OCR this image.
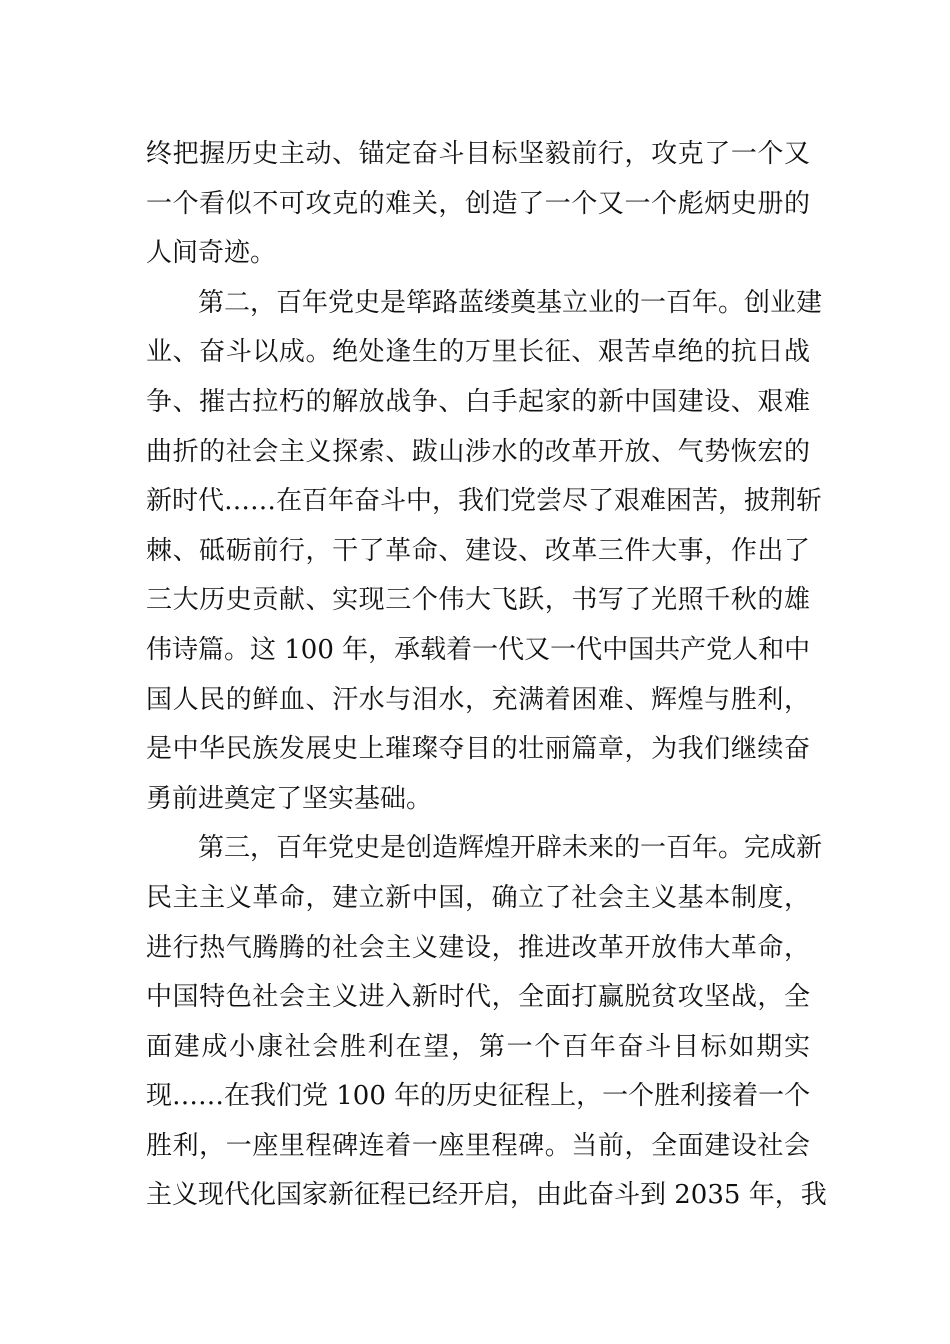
终把握历史主动、锚定奋斗目标坚毅前行，攻克了一个又
一个看似不可攻克的难关，创造了一个又一个彪炳史册的
人间奇迹。
第二，百年党史是筚路蓝缕奠基立业的一百年。创业建
业、奋斗以成。绝处逢生的万里长征、艰苦卓绝的抗日战
争、摧古拉朽的解放战争、白手起家的新中国建设、艰难
曲折的社会主义探索、跋山涉水的改革开放、气势恢宏的
新时代……在百年奋斗中，我们党尝尽了艰难困苦，披荆斩
棘、砥砺前行，干了革命、建设、改革三件大事，作出了
三大历史贡献、实现三个伟大飞跃，书写了光照千秋的雄
伟诗篇。这 100 年，承载着一代又一代中国共产党人和中
国人民的鲜血、汗水与泪水，充满着困难、辉煌与胜利，
是中华民族发展史上璀璨夺目的壮丽篇章，为我们继续奋
勇前进奠定了坚实基础。
第三，百年党史是创造辉煌开辟未来的一百年。完成新
民主主义革命，建立新中国，确立了社会主义基本制度，
进行热气腾腾的社会主义建设，推进改革开放伟大革命，
中国特色社会主义进入新时代，全面打赢脱贫攻坚战，全
面建成小康社会胜利在望，第一个百年奋斗目标如期实
现……在我们党 100 年的历史征程上，一个胜利接着一个
胜利，一座里程碑连着一座里程碑。当前，全面建设社会
主义现代化国家新征程已经开启，由此奋斗到 2035 年，我
